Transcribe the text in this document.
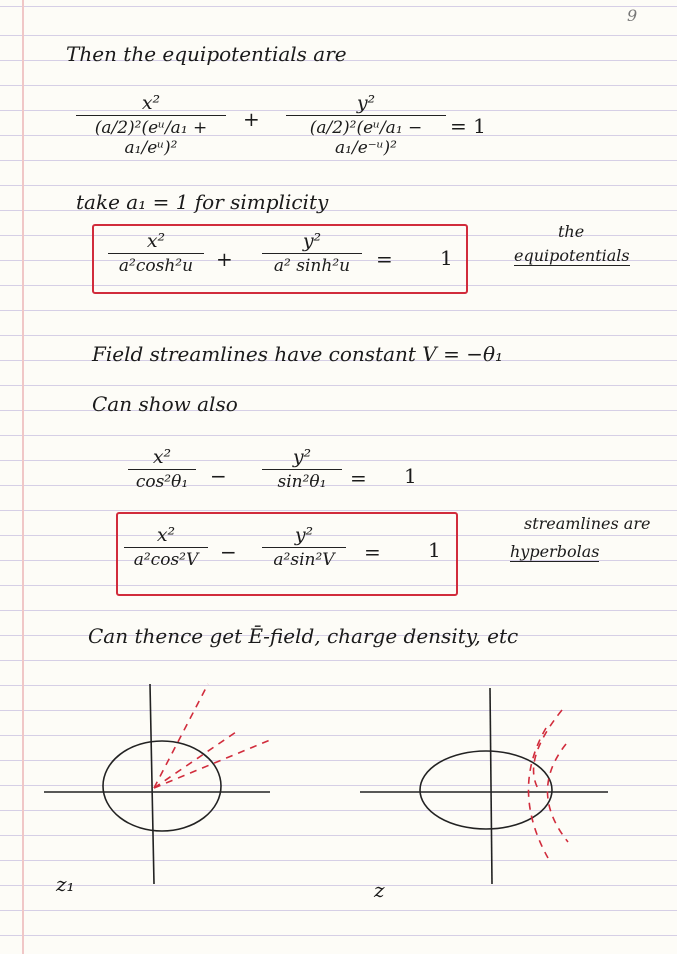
9
Then the equipotentials are
$\frac{\text{x²}}{\text{(a/2)²(eᵘ/a₁ + a₁/eᵘ)²}} + \frac{\text{y²}}{\text{(a/2)²(eᵘ/a₁ − a₁/e⁻ᵘ)²}} = 1$
take a₁ = 1 for simplicity
$\frac{\text{x²}}{\text{a²cosh²u}} + \frac{\text{y²}}{\text{a² sinh²u}} = 1$
the
equipotentials
Field streamlines have constant V = −θ₁
Can show also
$\frac{\text{x²}}{\text{cos²θ₁}} - \frac{\text{y²}}{\text{sin²θ₁}} = 1$
$\frac{\text{x²}}{\text{a²cos²V}} - \frac{\text{y²}}{\text{a²sin²V}} = 1$
streamlines are
hyperbolas
Can thence get Ē-field, charge density, etc
z₁	z
